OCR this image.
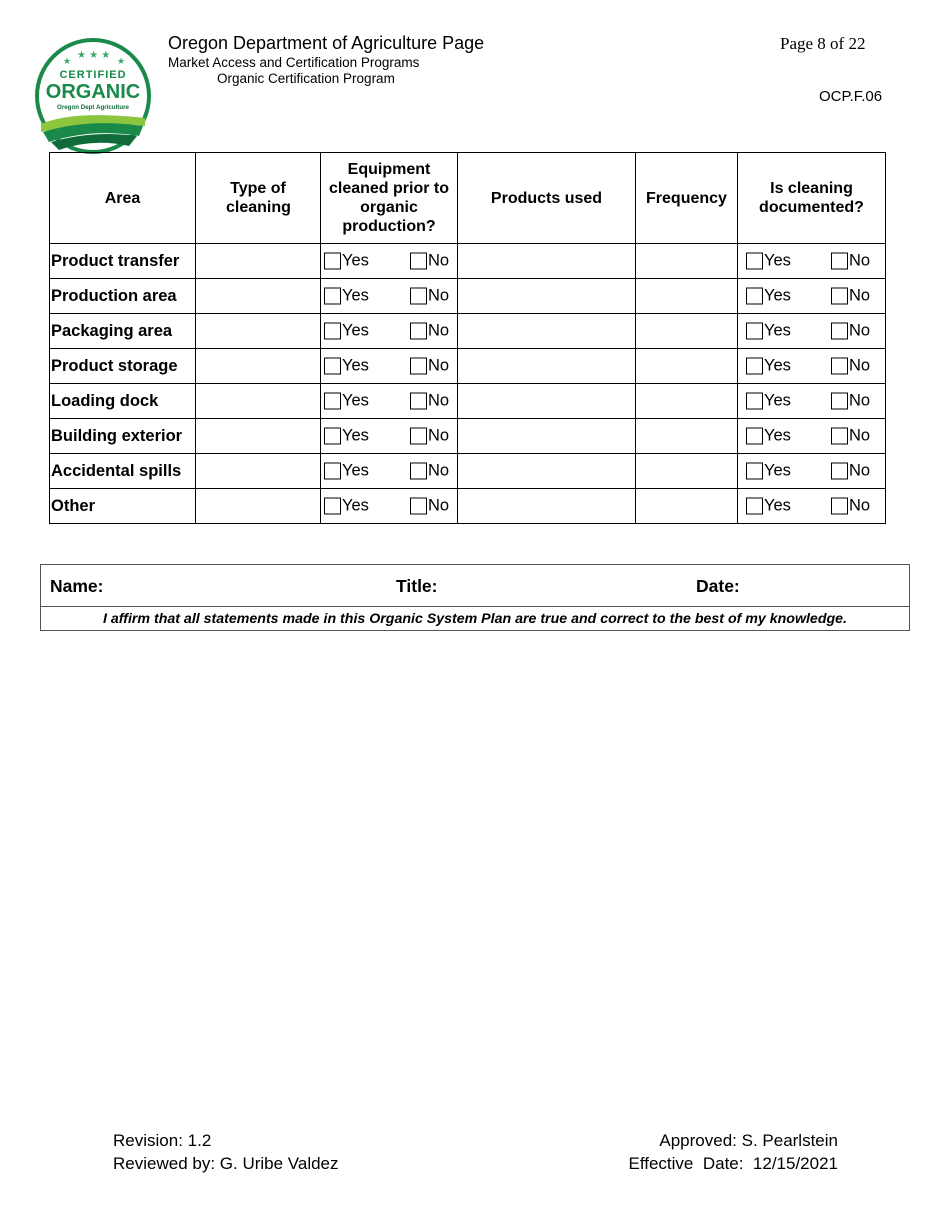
★ ★ ★
★	★
CERTIFIED
ORGANIC
Oregon Dept Agriculture
Oregon Department of Agriculture Page
Market Access and Certification Programs
Organic Certification Program
Page 8 of 22
OCP.F.06
Area	Type of cleaning	Equipment cleaned prior to organic production?	Products used	Frequency	Is cleaning documented?

Product transfer		Yes No			Yes No

Production area		Yes No			Yes No

Packaging area		Yes No			Yes No

Product storage		Yes No			Yes No

Loading dock		Yes No			Yes No

Building exterior		Yes No			Yes No

Accidental spills		Yes No			Yes No

Other		Yes No			Yes No
Name:	Title:	Date:
I affirm that all statements made in this Organic System Plan are true and correct to the best of my knowledge.
Revision: 1.2
Reviewed by: G. Uribe Valdez
Approved: S. Pearlstein
Effective  Date:  12/15/2021
